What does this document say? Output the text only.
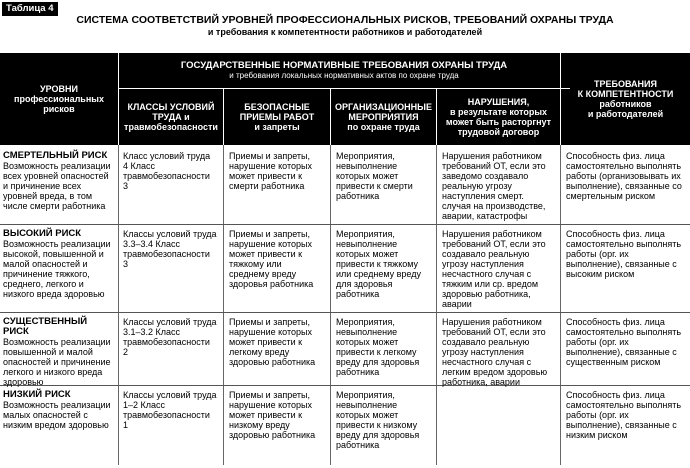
Таблица 4
СИСТЕМА СООТВЕТСТВИЙ УРОВНЕЙ ПРОФЕССИОНАЛЬНЫХ РИСКОВ, ТРЕБОВАНИЙ ОХРАНЫ ТРУДА
и требования к компетентности работников и работодателей
ГОСУДАРСТВЕННЫЕ НОРМАТИВНЫЕ ТРЕБОВАНИЯ ОХРАНЫ ТРУДА
и требования локальных нормативных актов по охране труда
УРОВНИ
профессиональных
рисков	КЛАССЫ УСЛОВИЙ
ТРУДА и
травмобезопасности
БЕЗОПАСНЫЕ
ПРИЕМЫ РАБОТ
и запреты
ОРГАНИЗАЦИОННЫЕ
МЕРОПРИЯТИЯ
по охране труда
НАРУШЕНИЯ,
в результате которых
может быть расторгнут
трудовой договор
ТРЕБОВАНИЯ
К КОМПЕТЕНТНОСТИ
работников
и работодателей
СМЕРТЕЛЬНЫЙ РИСК
Возможность реализации всех уровней опасностей и причинение всех уровней вреда, в том числе смерти работника
Класс условий труда 4 Класс травмобезопасности 3
Приемы и запреты, нарушение которых может привести к смерти работника
Мероприятия, невыполнение которых может привести к смерти работника
Нарушения работником требований ОТ, если это заведомо создавало реальную угрозу наступления смерт. случая на производстве, аварии, катастрофы
Способность физ. лица самостоятельно выполнять работы (организовывать их выполнение), связанные со смертельным риском
ВЫСОКИЙ РИСК
Возможность реализации высокой, повышенной и малой опасностей и причинение тяжкого, среднего, легкого и низкого вреда здоровью
Классы условий труда 3.3–3.4 Класс травмобезопасности 3
Приемы и запреты, нарушение которых может привести к тяжкому или среднему вреду здоровья работника
Мероприятия, невыполнение которых может привести к тяжкому или среднему вреду для здоровья работника
Нарушения работником требований ОТ, если это создавало реальную угрозу наступления несчастного случая с тяжким или ср. вредом здоровью работника, аварии
Способность физ. лица самостоятельно выполнять работы (орг. их выполнение), связанные с высоким риском
СУЩЕСТВЕННЫЙ РИСК
Возможность реализации повышенной и малой опасностей и причинение легкого и низкого вреда здоровью
Классы условий труда 3.1–3.2 Класс травмобезопасности 2
Приемы и запреты, нарушение которых может привести к легкому вреду здоровью работника
Мероприятия, невыполнение которых может привести к легкому вреду для здоровья работника
Нарушения работником требований ОТ, если это создавало реальную угрозу наступления несчастного случая с легким вредом здоровью работника, аварии
Способность физ. лица самостоятельно выполнять работы (орг. их выполнение), связанные с существенным риском
НИЗКИЙ РИСК
Возможность реализации малых опасностей с низким вредом здоровью
Классы условий труда 1–2 Класс травмобезопасности 1
Приемы и запреты, нарушение которых может привести к низкому вреду здоровью работника
Мероприятия, невыполнение которых может привести к низкому вреду для здоровья работника
Способность физ. лица самостоятельно выполнять работы (орг. их выполнение), связанные с низким риском
